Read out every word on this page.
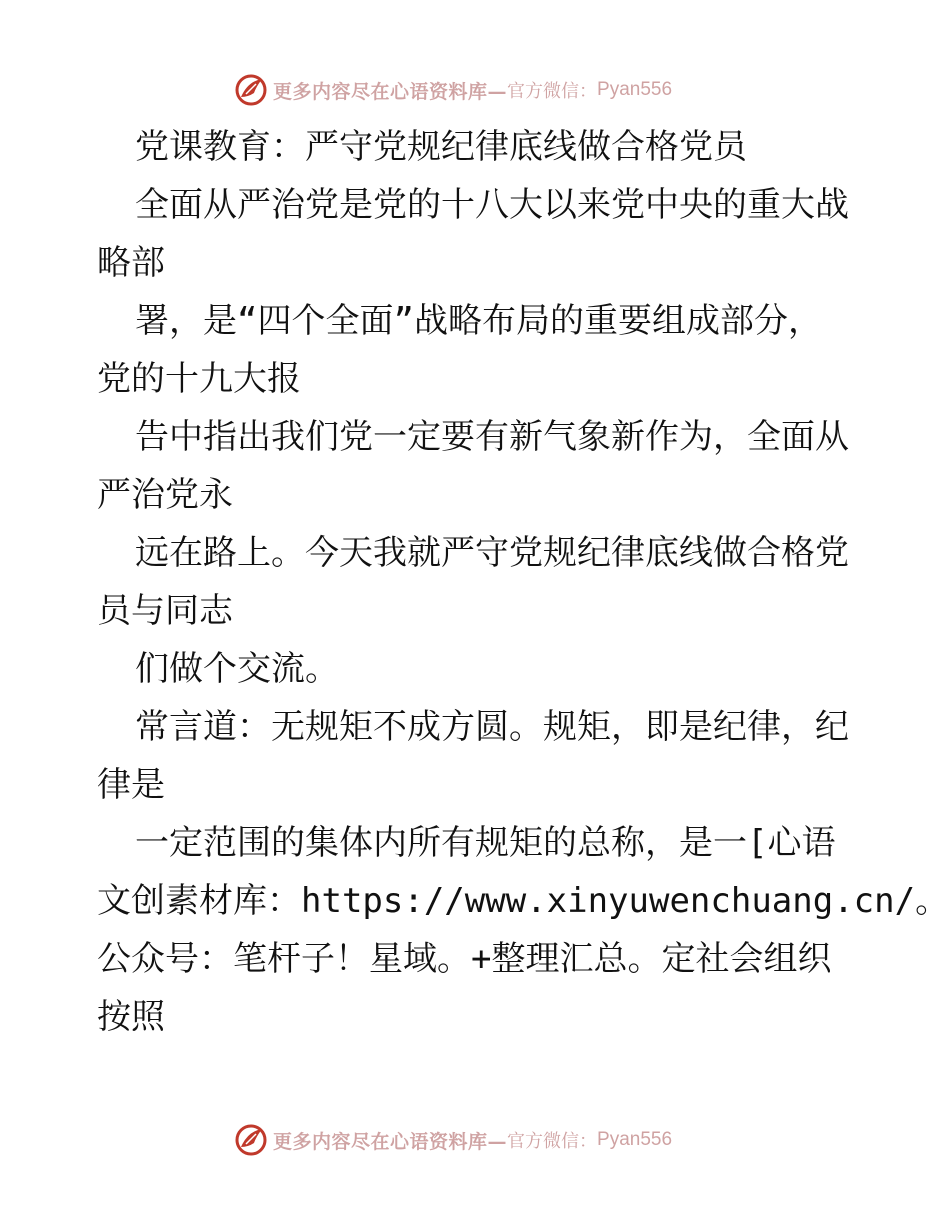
更多内容尽在心语资料库— 官方微信： Pyan556
党课教育：严守党规纪律底线做合格党员
全面从严治党是党的十八大以来党中央的重大战
略部
署，是“四个全面”战略布局的重要组成部分，
党的十九大报
告中指出我们党一定要有新气象新作为，全面从
严治党永
远在路上。今天我就严守党规纪律底线做合格党
员与同志
们做个交流。
常言道：无规矩不成方圆。规矩，即是纪律，纪
律是
一定范围的集体内所有规矩的总称，是一[心语
文创素材库：https://www.xinyuwenchuang.cn/。
公众号：笔杆子！星域。+整理汇总。定社会组织
按照
更多内容尽在心语资料库— 官方微信： Pyan556
